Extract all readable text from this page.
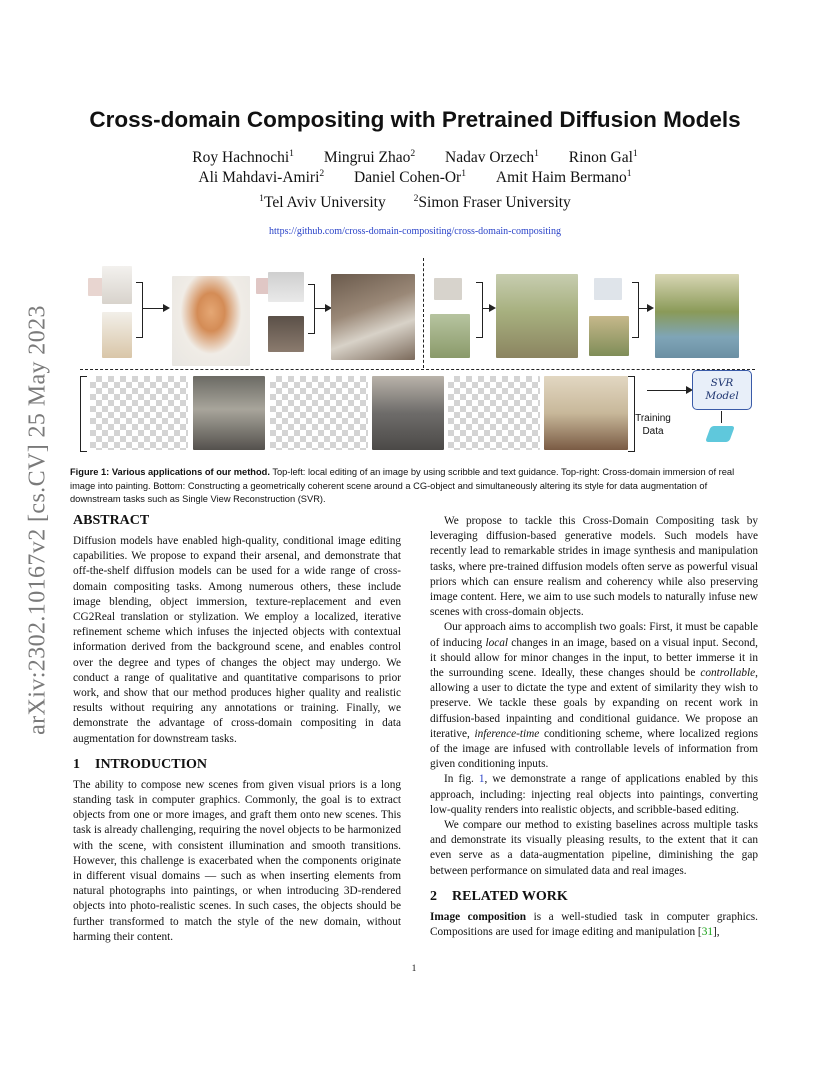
arXiv:2302.10167v2 [cs.CV] 25 May 2023
Cross-domain Compositing with Pretrained Diffusion Models
Roy Hachnochi$^1$ Mingrui Zhao$^2$ Nadav Orzech$^1$ Rinon Gal$^1$
Ali Mahdavi-Amiri$^2$ Daniel Cohen-Or$^1$ Amit Haim Bermano$^1$
$^1$Tel Aviv University	$^2$Simon Fraser University
https://github.com/cross-domain-compositing/cross-domain-compositing
SVR
Model
Training
Data
Figure 1: Various applications of our method. Top-left: local editing of an image by using scribble and text guidance. Top-right: Cross-domain immersion of real image into painting. Bottom: Constructing a geometrically coherent scene around a CG-object and simultaneously altering its style for data augmentation of downstream tasks such as Single View Reconstruction (SVR).
ABSTRACT

Diffusion models have enabled high-quality, conditional image editing capabilities. We propose to expand their arsenal, and demonstrate that off-the-shelf diffusion models can be used for a wide range of cross-domain compositing tasks. Among numerous others, these include image blending, object immersion, texture-replacement and even CG2Real translation or stylization. We employ a localized, iterative refinement scheme which infuses the injected objects with contextual information derived from the background scene, and enables control over the degree and types of changes the object may undergo. We conduct a range of qualitative and quantitative comparisons to prior work, and show that our method produces higher quality and realistic results without requiring any annotations or training. Finally, we demonstrate the advantage of cross-domain compositing in data augmentation for downstream tasks.

1 INTRODUCTION

The ability to compose new scenes from given visual priors is a long standing task in computer graphics. Commonly, the goal is to extract objects from one or more images, and graft them onto new scenes. This task is already challenging, requiring the novel objects to be harmonized with the scene, with consistent illumination and smooth transitions. However, this challenge is exacerbated when the components originate in different visual domains — such as when inserting elements from natural photographs into paintings, or when introducing 3D-rendered objects into photo-realistic scenes. In such cases, the objects should be further transformed to match the style of the new domain, without harming their content.

We propose to tackle this Cross-Domain Compositing task by leveraging diffusion-based generative models. Such models have recently lead to remarkable strides in image synthesis and manipulation tasks, where pre-trained diffusion models often serve as powerful visual priors which can ensure realism and coherency while also preserving image content. Here, we aim to use such models to naturally infuse new scenes with cross-domain objects.

Our approach aims to accomplish two goals: First, it must be capable of inducing local changes in an image, based on a visual input. Second, it should allow for minor changes in the input, to better immerse it in the surrounding scene. Ideally, these changes should be controllable, allowing a user to dictate the type and extent of similarity they wish to preserve. We tackle these goals by expanding on recent work in diffusion-based inpainting and conditional guidance. We propose an iterative, inference-time conditioning scheme, where localized regions of the image are infused with controllable levels of information from given conditioning inputs.

In fig. 1, we demonstrate a range of applications enabled by this approach, including: injecting real objects into paintings, converting low-quality renders into realistic objects, and scribble-based editing.

We compare our method to existing baselines across multiple tasks and demonstrate its visually pleasing results, to the extent that it can even serve as a data-augmentation pipeline, diminishing the gap between performance on simulated data and real images.

2 RELATED WORK

Image composition is a well-studied task in computer graphics. Compositions are used for image editing and manipulation [31],

1
